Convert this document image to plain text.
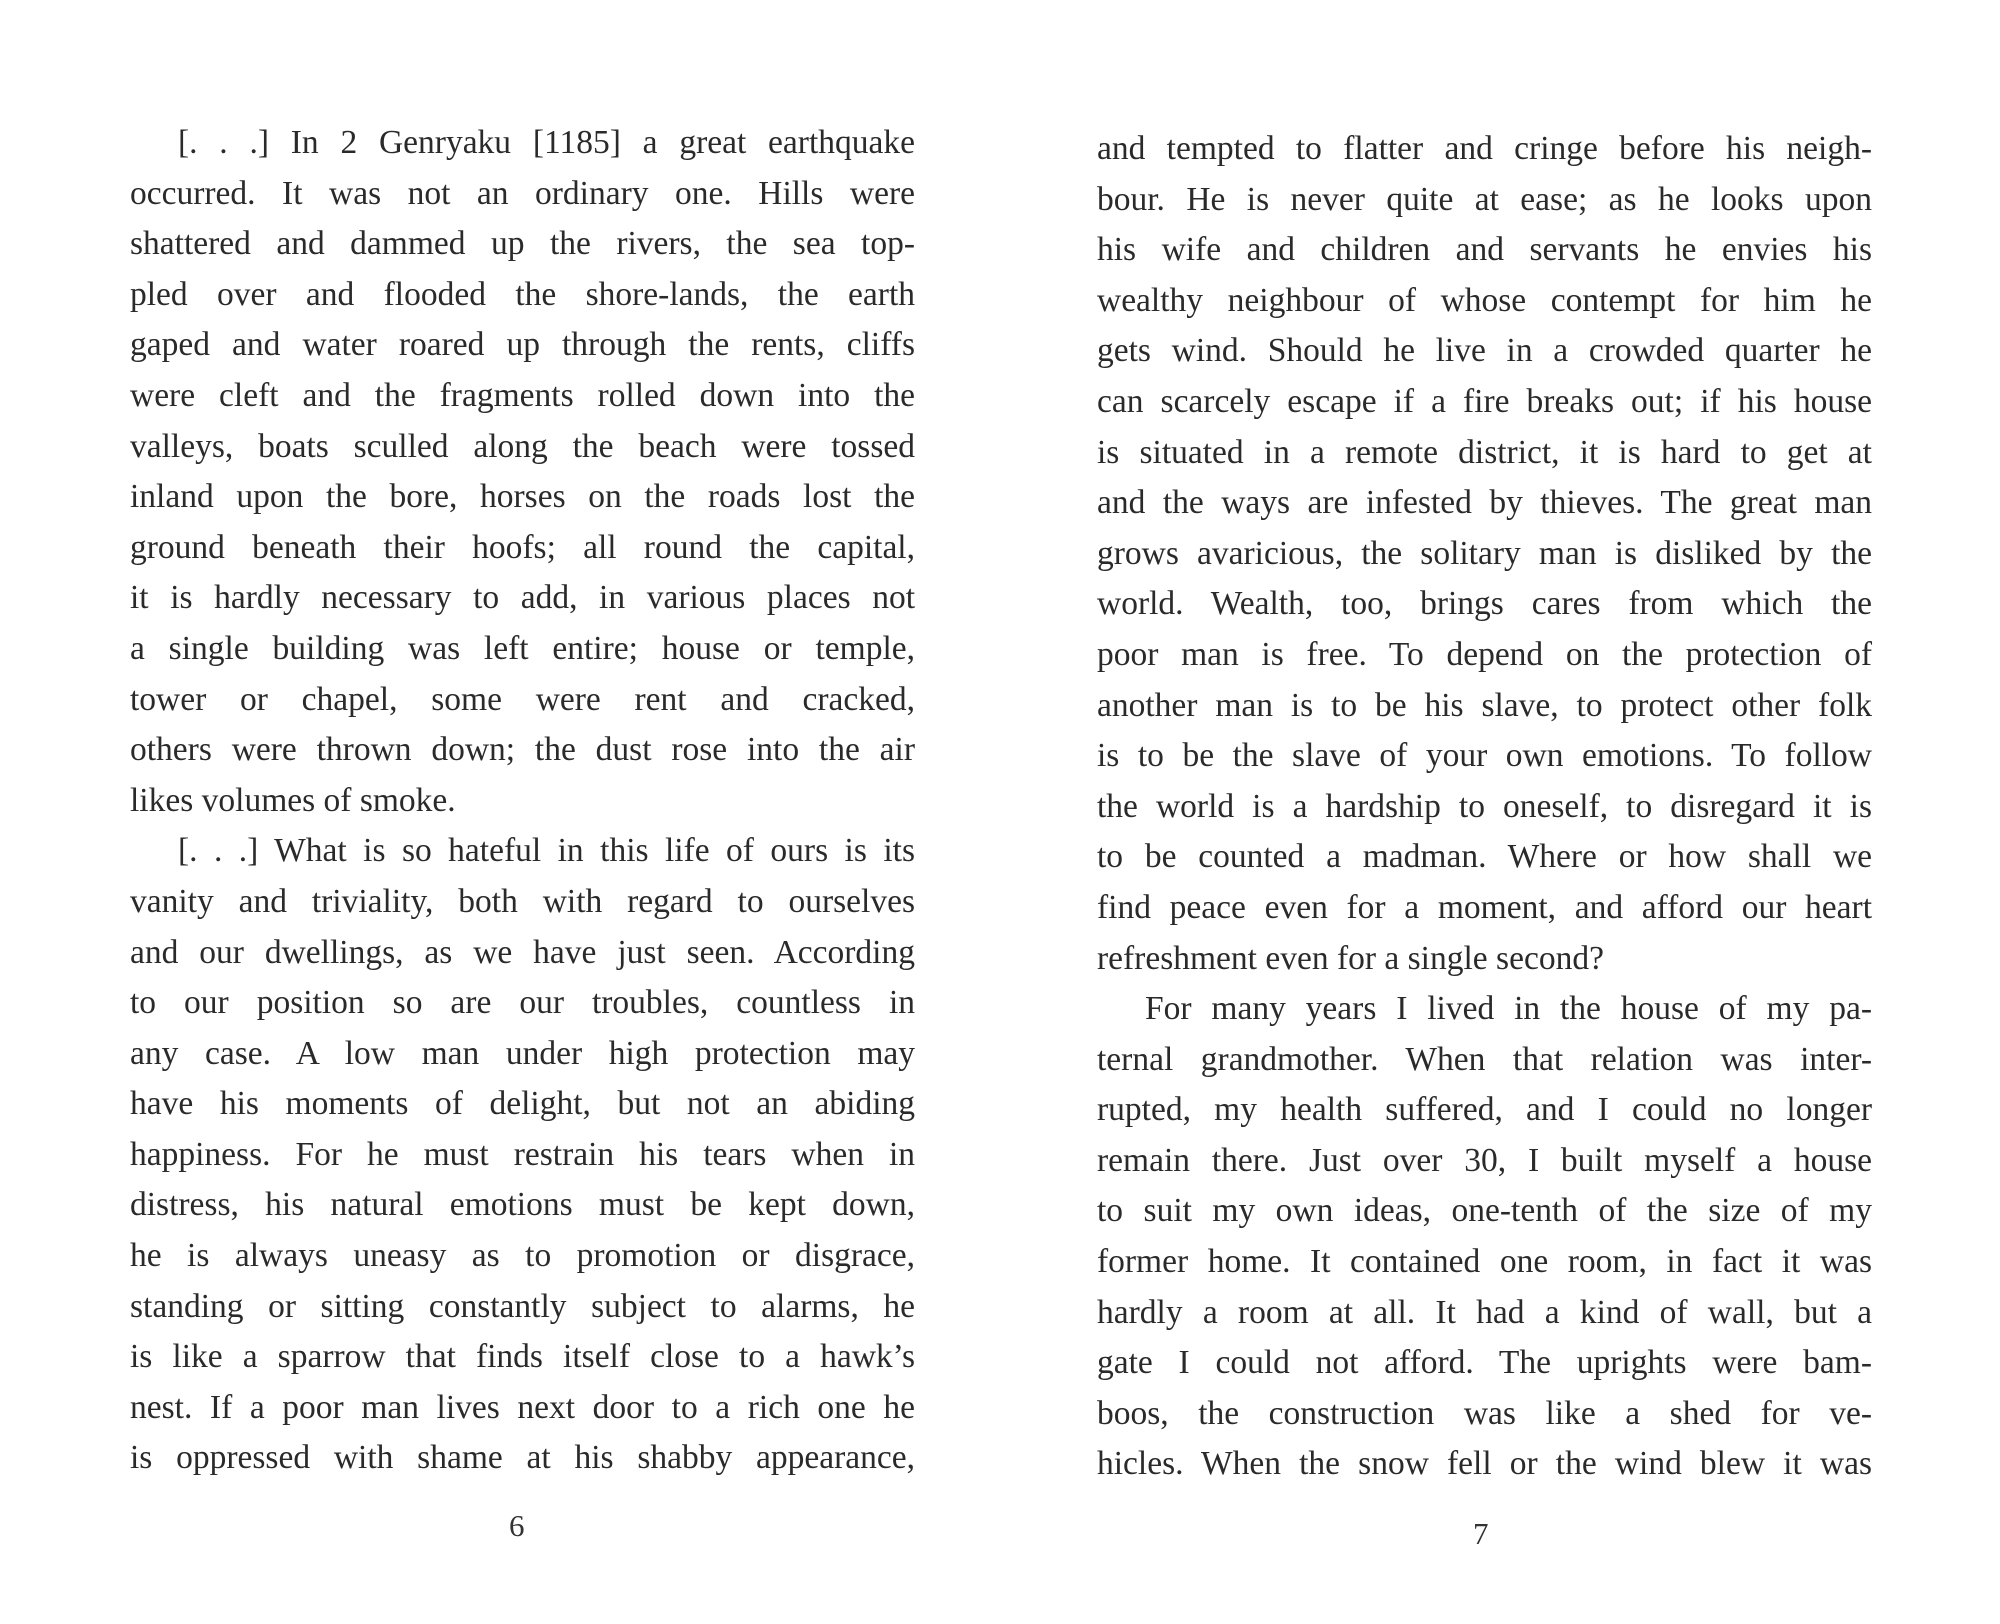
[. . .] In 2 Genryaku [1185] a great earthquake
occurred. It was not an ordinary one. Hills were
shattered and dammed up the rivers, the sea top-
pled over and flooded the shore-lands, the earth
gaped and water roared up through the rents, cliffs
were cleft and the fragments rolled down into the
valleys, boats sculled along the beach were tossed
inland upon the bore, horses on the roads lost the
ground beneath their hoofs; all round the capital,
it is hardly necessary to add, in various places not
a single building was left entire; house or temple,
tower or chapel, some were rent and cracked,
others were thrown down; the dust rose into the air
likes volumes of smoke.
[. . .] What is so hateful in this life of ours is its
vanity and triviality, both with regard to ourselves
and our dwellings, as we have just seen. According
to our position so are our troubles, countless in
any case. A low man under high protection may
have his moments of delight, but not an abiding
happiness. For he must restrain his tears when in
distress, his natural emotions must be kept down,
he is always uneasy as to promotion or disgrace,
standing or sitting constantly subject to alarms, he
is like a sparrow that finds itself close to a hawk’s
nest. If a poor man lives next door to a rich one he
is oppressed with shame at his shabby appearance,
and tempted to flatter and cringe before his neigh-
bour. He is never quite at ease; as he looks upon
his wife and children and servants he envies his
wealthy neighbour of whose contempt for him he
gets wind. Should he live in a crowded quarter he
can scarcely escape if a fire breaks out; if his house
is situated in a remote district, it is hard to get at
and the ways are infested by thieves. The great man
grows avaricious, the solitary man is disliked by the
world. Wealth, too, brings cares from which the
poor man is free. To depend on the protection of
another man is to be his slave, to protect other folk
is to be the slave of your own emotions. To follow
the world is a hardship to oneself, to disregard it is
to be counted a madman. Where or how shall we
find peace even for a moment, and afford our heart
refreshment even for a single second?
For many years I lived in the house of my pa-
ternal grandmother. When that relation was inter-
rupted, my health suffered, and I could no longer
remain there. Just over 30, I built myself a house
to suit my own ideas, one-tenth of the size of my
former home. It contained one room, in fact it was
hardly a room at all. It had a kind of wall, but a
gate I could not afford. The uprights were bam-
boos, the construction was like a shed for ve-
hicles. When the snow fell or the wind blew it was
6	7
